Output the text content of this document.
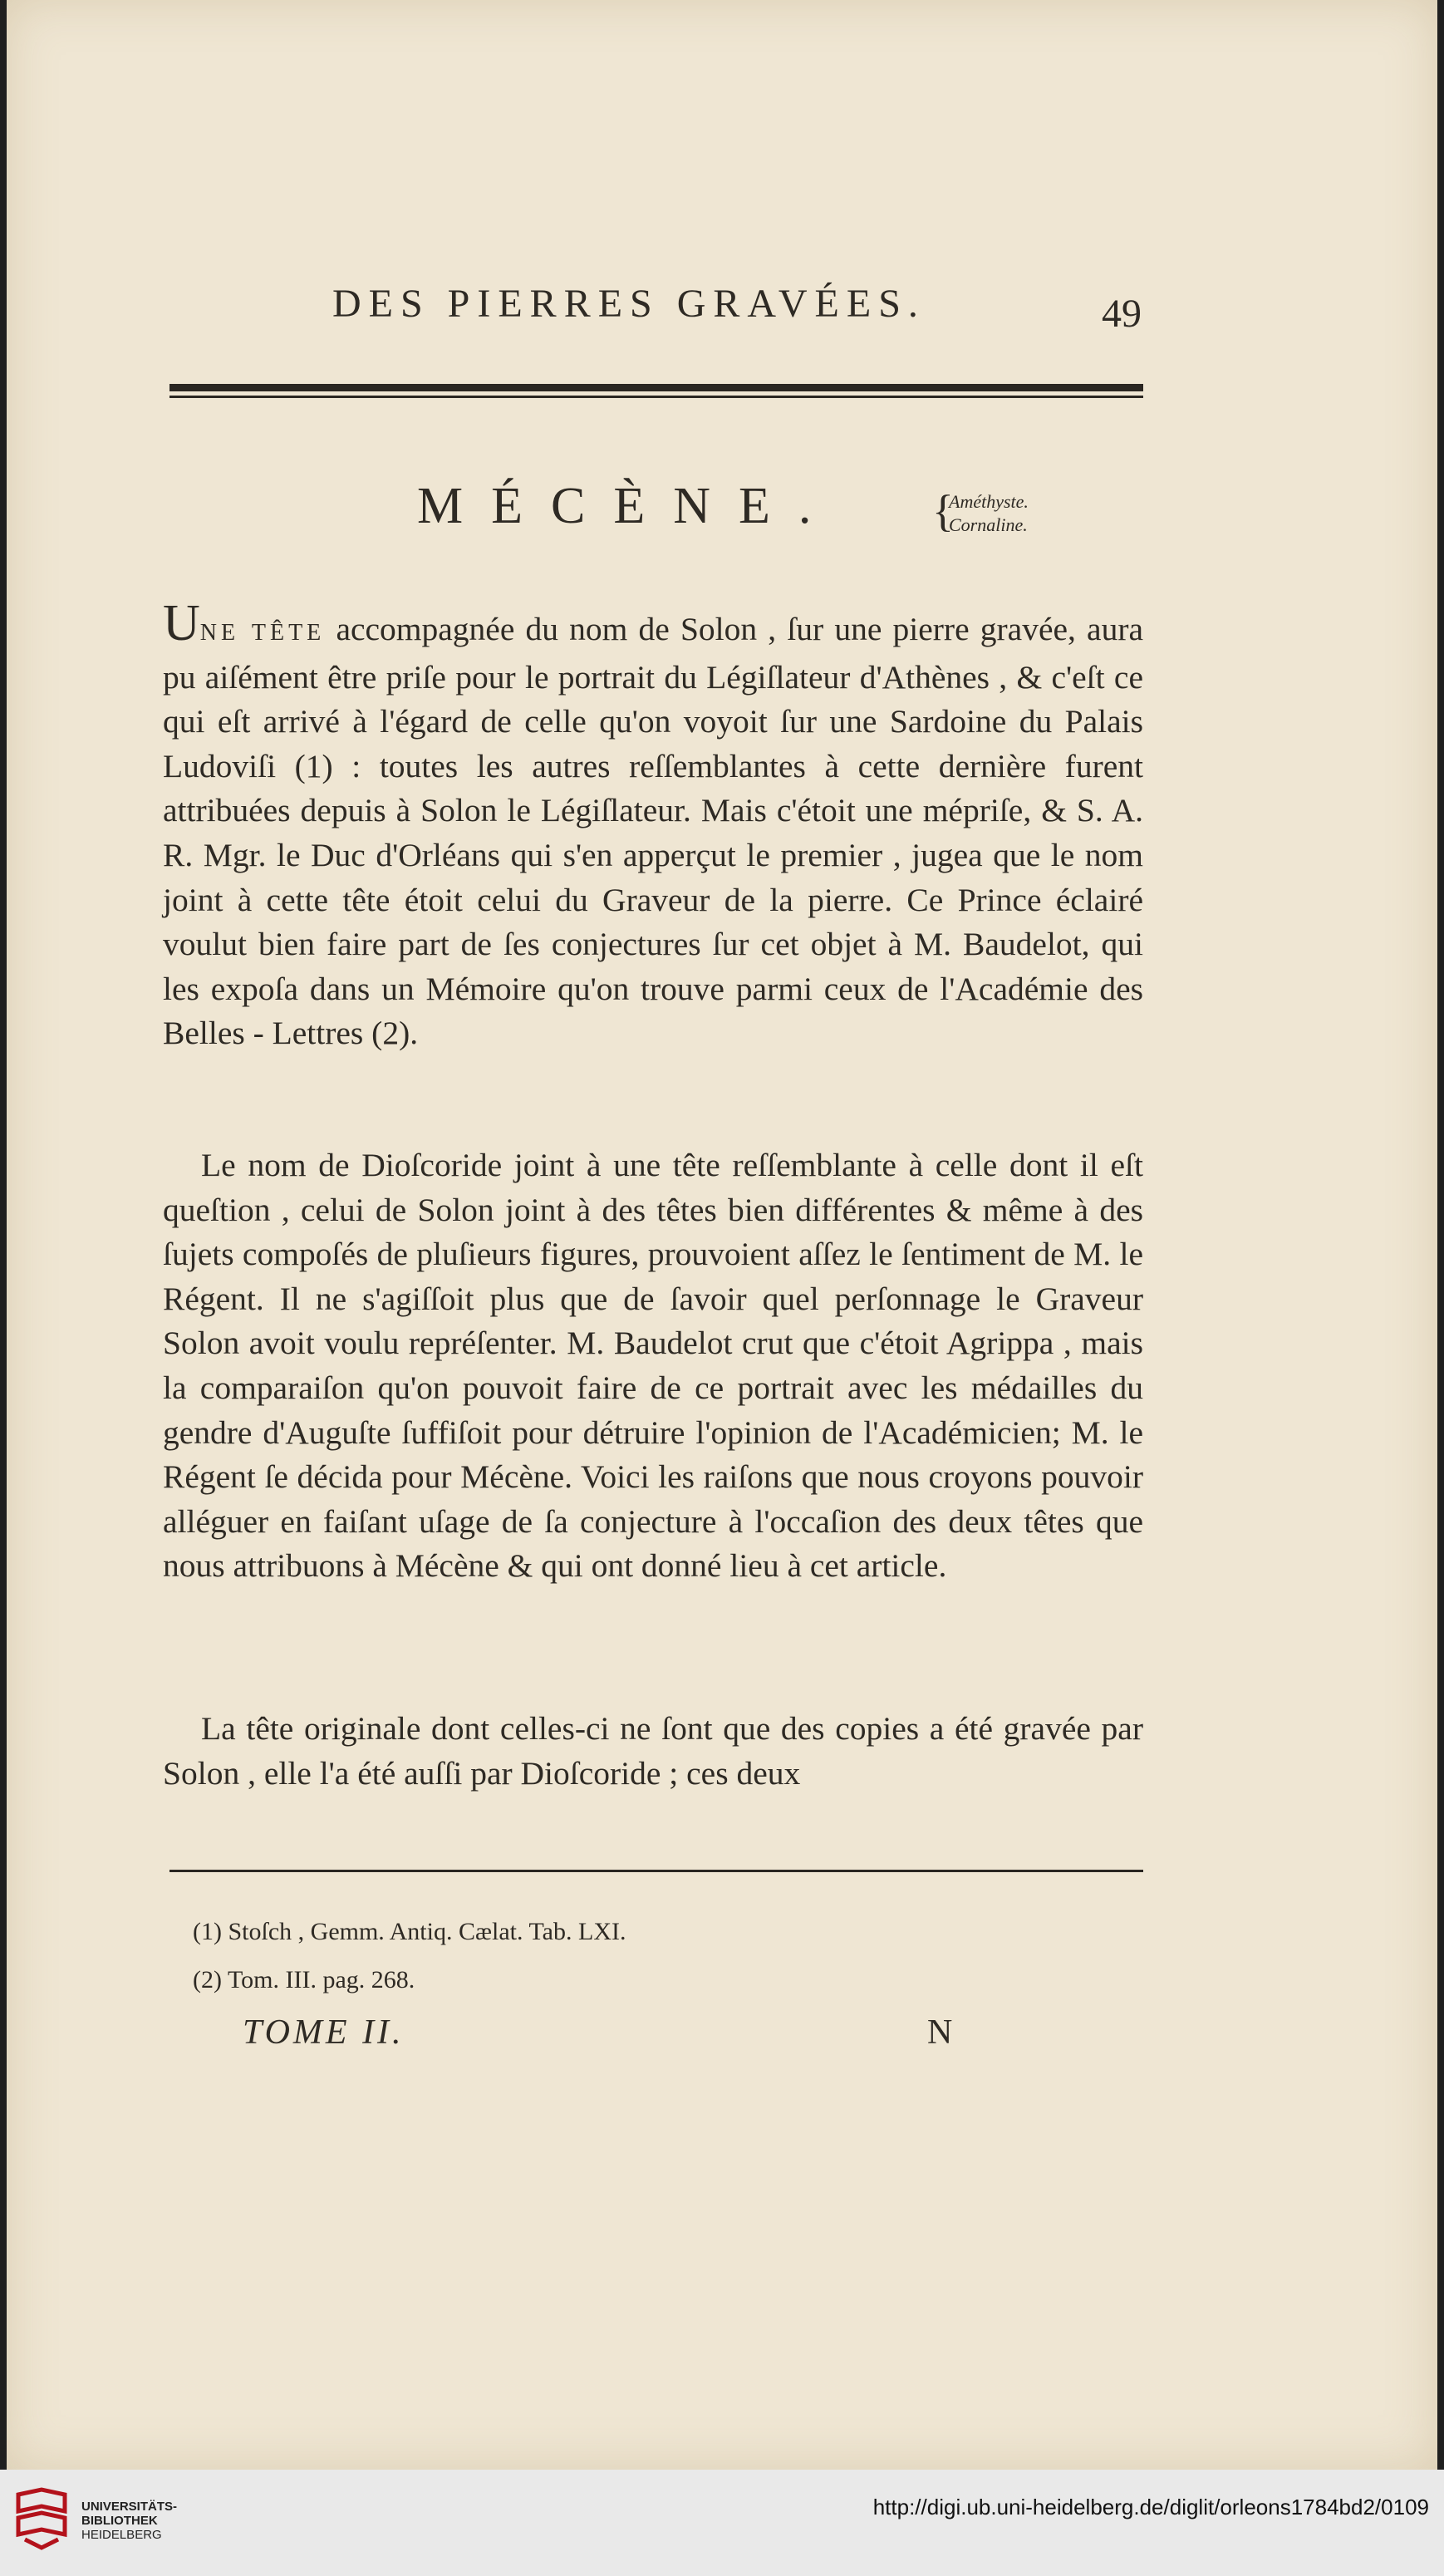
DES PIERRES GRAVÉES.	49
MÉCÈNE. {
Améthyste.
Cornaline.

UNE TÊTE accompagnée du nom de Solon , ſur une pierre gravée, aura pu aiſément être priſe pour le portrait du Légiſlateur d'Athènes , & c'eſt ce qui eſt arrivé à l'égard de celle qu'on voyoit ſur une Sardoine du Palais Ludoviſi (1) : toutes les autres reſſemblantes à cette dernière furent attribuées depuis à Solon le Légiſlateur. Mais c'étoit une mépriſe, & S. A. R. Mgr. le Duc d'Orléans qui s'en apperçut le premier , jugea que le nom joint à cette tête étoit celui du Graveur de la pierre. Ce Prince éclairé voulut bien faire part de ſes conjectures ſur cet objet à M. Baudelot, qui les expoſa dans un Mémoire qu'on trouve parmi ceux de l'Académie des Belles - Lettres (2).

Le nom de Dioſcoride joint à une tête reſſemblante à celle dont il eſt queſtion , celui de Solon joint à des têtes bien différentes & même à des ſujets compoſés de pluſieurs figures, prouvoient aſſez le ſentiment de M. le Régent. Il ne s'agiſſoit plus que de ſavoir quel perſonnage le Graveur Solon avoit voulu repréſenter. M. Baudelot crut que c'étoit Agrippa , mais la comparaiſon qu'on pouvoit faire de ce portrait avec les médailles du gendre d'Auguſte ſuffiſoit pour détruire l'opinion de l'Académicien; M. le Régent ſe décida pour Mécène. Voici les raiſons que nous croyons pouvoir alléguer en faiſant uſage de ſa conjecture à l'occaſion des deux têtes que nous attribuons à Mécène & qui ont donné lieu à cet article.

La tête originale dont celles-ci ne ſont que des copies a été gravée par Solon , elle l'a été auſſi par Dioſcoride ; ces deux

(1) Stoſch , Gemm. Antiq. Cælat. Tab. LXI.
(2) Tom. III. pag. 268.
TOME II.	N
UNIVERSITÄTS-
BIBLIOTHEK
HEIDELBERG
http://digi.ub.uni-heidelberg.de/diglit/orleons1784bd2/0109
